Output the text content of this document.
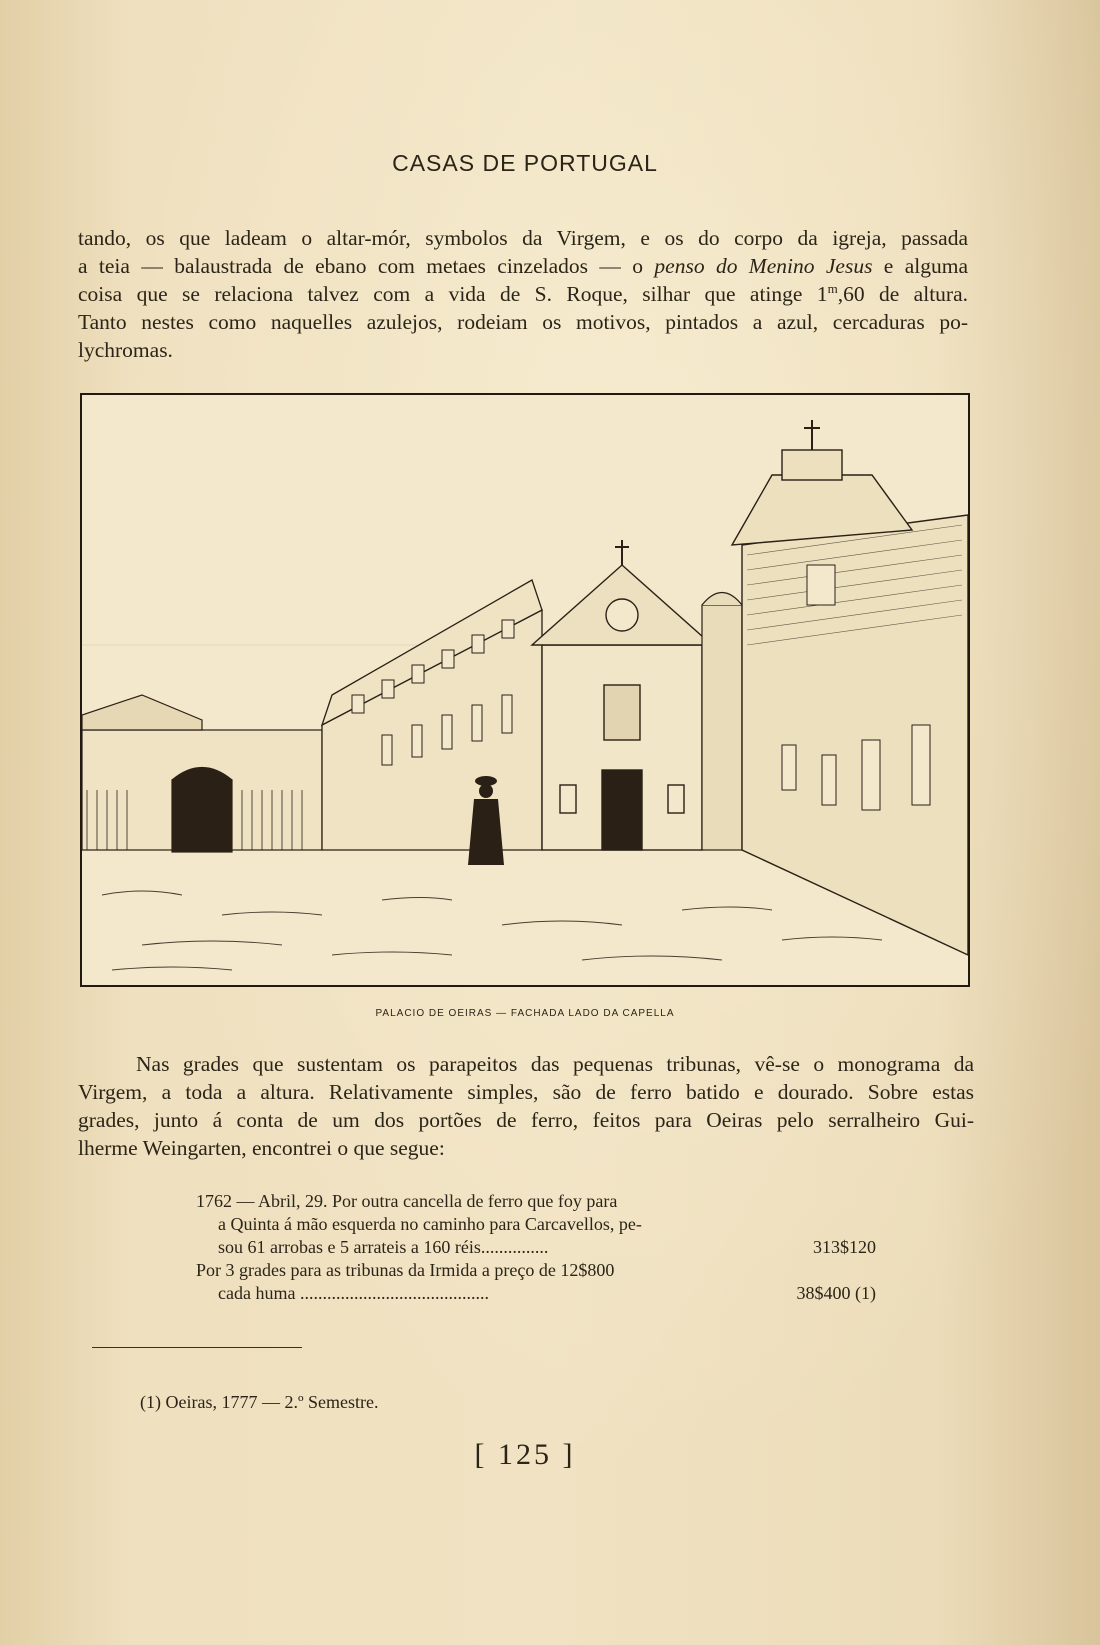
CASAS DE PORTUGAL
tando, os que ladeam o altar-mór, symbolos da Virgem, e os do corpo da igreja, passada
a teia — balaustrada de ebano com metaes cinzelados — o penso do Menino Jesus e alguma
coisa que se relaciona talvez com a vida de S. Roque, silhar que atinge 1$^m$,60 de altura.
Tanto nestes como naquelles azulejos, rodeiam os motivos, pintados a azul, cercaduras po-
lychromas.
PALACIO DE OEIRAS — FACHADA LADO DA CAPELLA
Nas grades que sustentam os parapeitos das pequenas tribunas, vê-se o monograma da
Virgem, a toda a altura. Relativamente simples, são de ferro batido e dourado. Sobre estas
grades, junto á conta de um dos portões de ferro, feitos para Oeiras pelo serralheiro Gui-
lherme Weingarten, encontrei o que segue:
1762 — Abril, 29. Por outra cancella de ferro que foy para
a Quinta á mão esquerda no caminho para Carcavellos, pe-
sou 61 arrobas e 5 arrateis a 160 réis...............	313$120
Por 3 grades para as tribunas da Irmida a preço de 12$800
cada huma ..........................................	38$400 (1)
(1) Oeiras, 1777 — 2.º Semestre.
[ 125 ]
